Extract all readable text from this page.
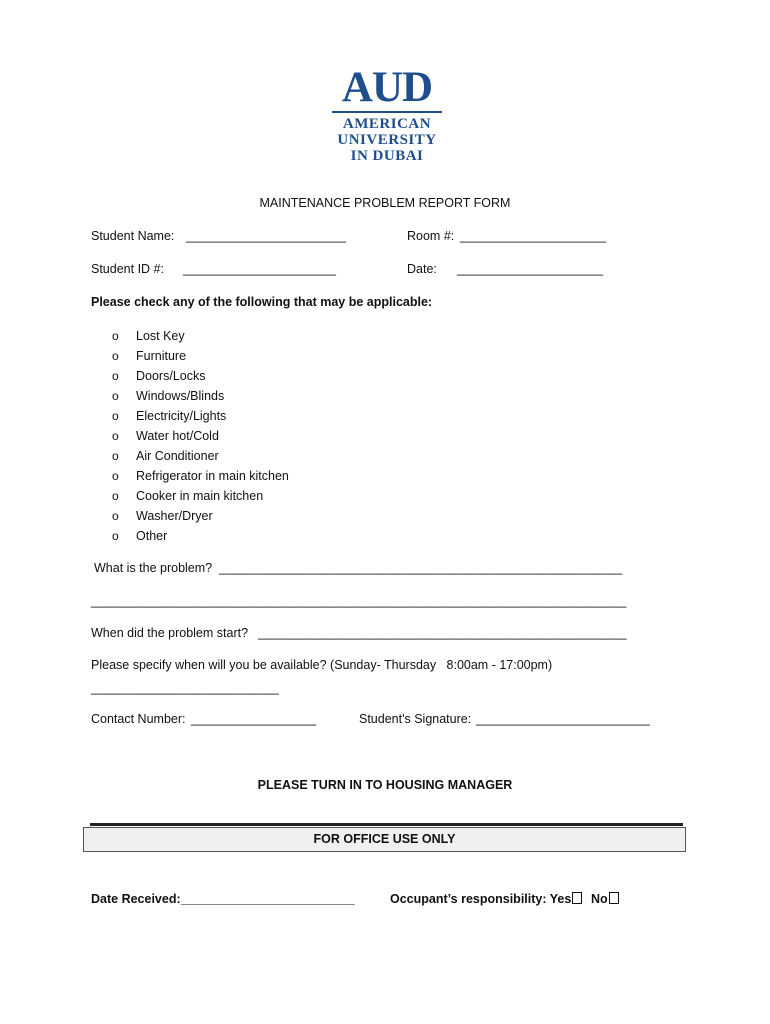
AUD
AMERICAN
UNIVERSITY
IN DUBAI
MAINTENANCE PROBLEM REPORT FORM
Student Name: _______________________	Room #: _____________________
Student ID #: ______________________	Date: _____________________
Please check any of the following that may be applicable:
o Lost Key
o Furniture
o Doors/Locks
o Windows/Blinds
o Electricity/Lights
o Water hot/Cold
o Air Conditioner
o Refrigerator in main kitchen
o Cooker in main kitchen
o Washer/Dryer
o Other
What is the problem? __________________________________________________________
_____________________________________________________________________________
When did the problem start? _____________________________________________________
Please specify when will you be available? (Sunday- Thursday   8:00am - 17:00pm)
___________________________
Contact Number: __________________	Student's Signature: _________________________
PLEASE TURN IN TO HOUSING MANAGER
FOR OFFICE USE ONLY
Date Received: _________________________	Occupant’s responsibility: Yes	No
